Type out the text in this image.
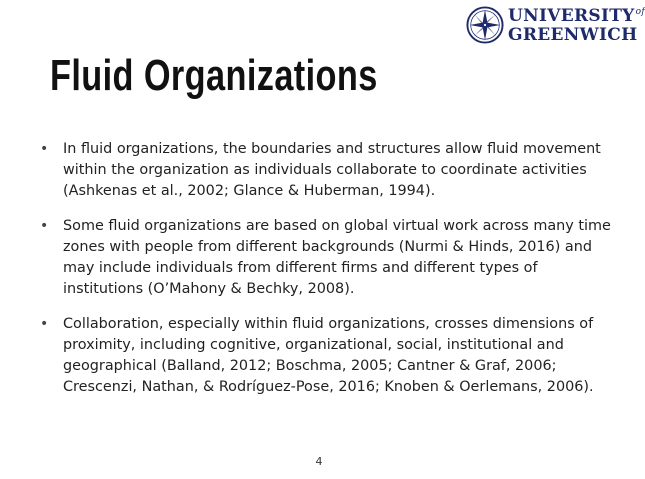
$UNIVERSITY^{of}$
GREENWICH
Fluid Organizations
• In fluid organizations, the boundaries and structures allow fluid movement within the organization as individuals collaborate to coordinate activities (Ashkenas et al., 2002; Glance & Huberman, 1994).
• Some fluid organizations are based on global virtual work across many time zones with people from different backgrounds (Nurmi & Hinds, 2016) and may include individuals from different firms and different types of institutions (O’Mahony & Bechky, 2008).
• Collaboration, especially within fluid organizations, crosses dimensions of proximity, including cognitive, organizational, social, institutional and geographical (Balland, 2012; Boschma, 2005; Cantner & Graf, 2006; Crescenzi, Nathan, & Rodríguez-Pose, 2016; Knoben & Oerlemans, 2006).
4
